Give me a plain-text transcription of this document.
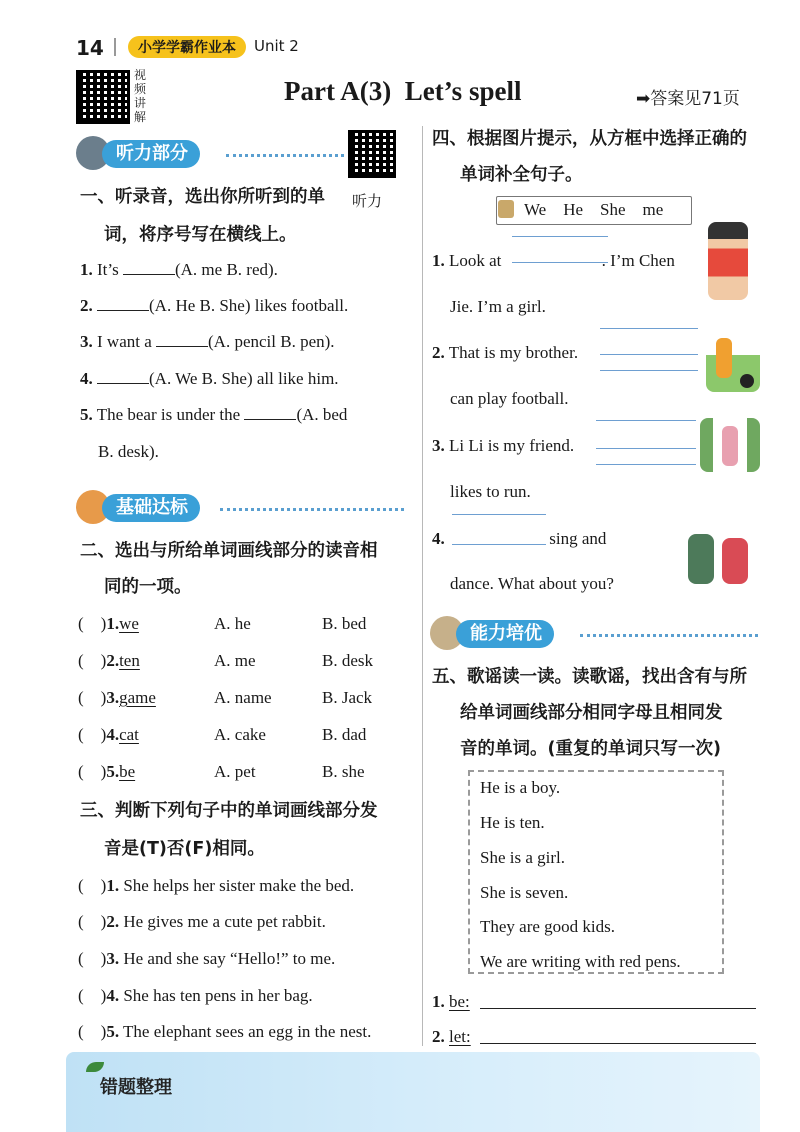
14	小学学霸作业本	Unit 2
视频讲解
Part A(3)  Let’s spell	➡答案见71页
听力部分
听力
一、听录音，选出你所听到的单
词，将序号写在横线上。
1. It’s	(A. me B. red).
2.	(A. He B. She) likes football.
3. I want a	(A. pencil B. pen).
4.	(A. We B. She) all like him.
5. The bear is under the	(A. bed
B. desk).
基础达标
二、选出与所给单词画线部分的读音相
同的一项。
(    )1.we	A. he	B. bed
(    )2.ten	A. me	B. desk
(    )3.game	A. name	B. Jack
(    )4.cat	A. cake	B. dad
(    )5.be	A. pet	B. she
三、判断下列句子中的单词画线部分发
音是(T)否(F)相同。
(    )1. She helps her sister make the bed.
(    )2. He gives me a cute pet rabbit.
(    )3. He and she say “Hello!” to me.
(    )4. She has ten pens in her bag.
(    )5. The elephant sees an egg in the nest.
四、根据图片提示，从方框中选择正确的
单词补全句子。
We    He    She    me
1. Look at	. I’m Chen
Jie. I’m a girl.
2. That is my brother.
can play football.
3. Li Li is my friend.
likes to run.
4.	sing and
dance. What about you?
能力培优
五、歌谣读一读。读歌谣，找出含有与所
给单词画线部分相同字母且相同发
音的单词。(重复的单词只写一次)
He is a boy.
He is ten.
She is a girl.
She is seven.
They are good kids.
We are writing with red pens.
1. be:
2. let:
错题整理
